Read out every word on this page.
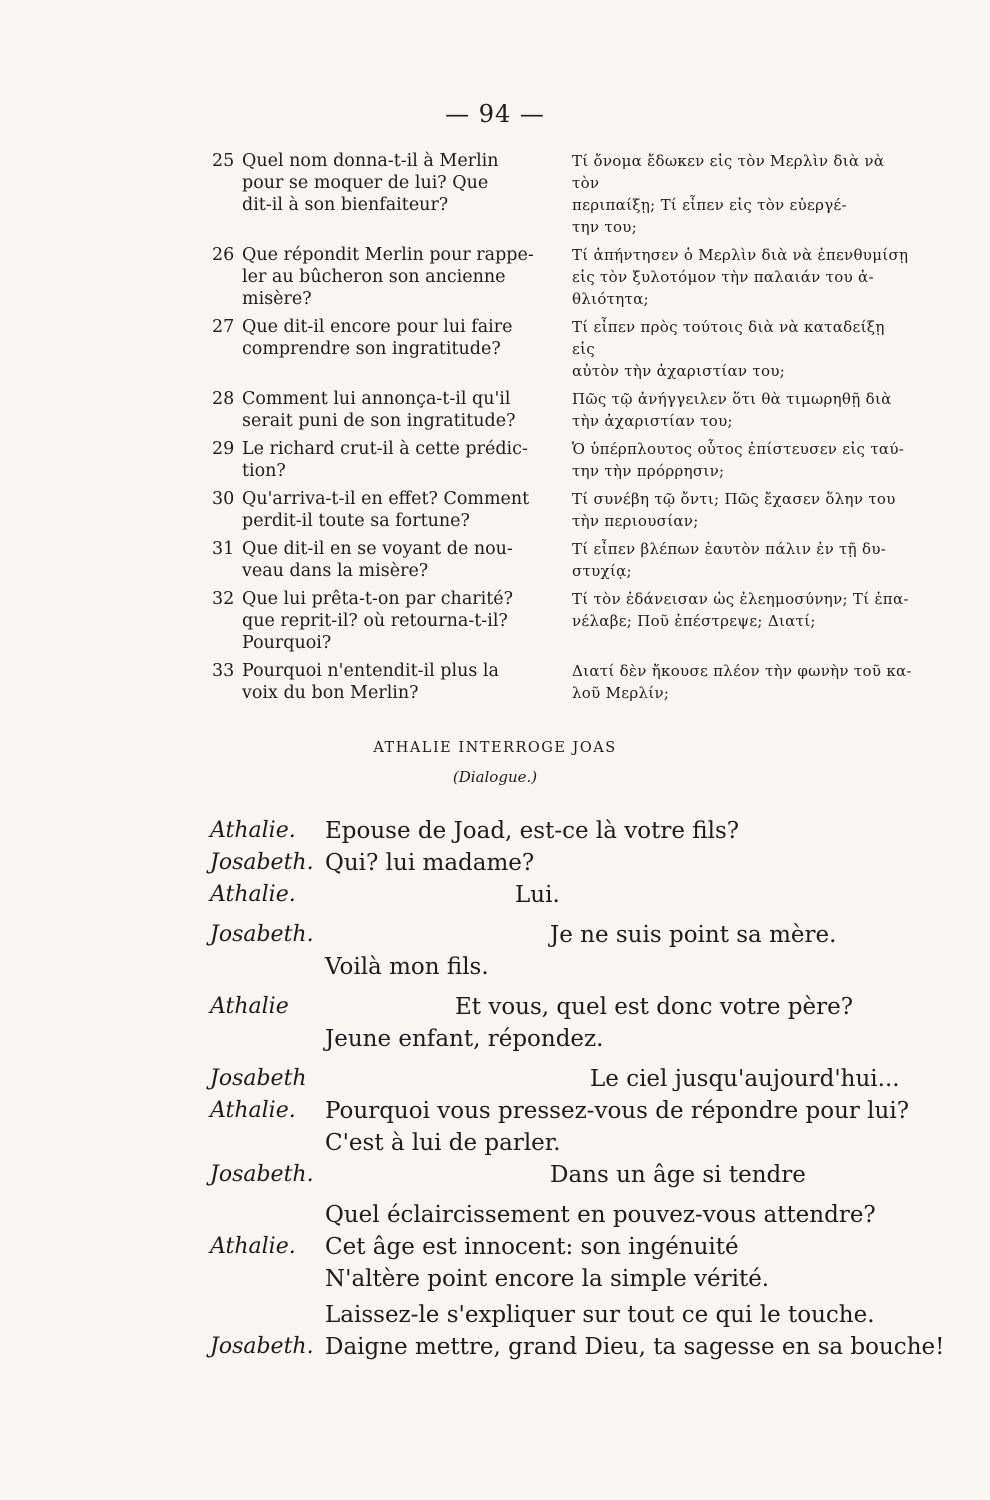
— 94 —
25 Quel nom donna-t-il à Merlin
pour se moquer de lui? Que
dit-il à son bienfaiteur?
Τί ὄνομα ἔδωκεν εἰς τὸν Μερλὶν διὰ νὰ τὸν
περιπαίξῃ; Τί εἶπεν εἰς τὸν εὐεργέ-
την του;
26 Que répondit Merlin pour rappe-
ler au bûcheron son ancienne
misère?
Τί ἀπήντησεν ὁ Μερλὶν διὰ νὰ ἐπενθυμίσῃ
εἰς τὸν ξυλοτόμον τὴν παλαιάν του ἀ-
θλιότητα;
27 Que dit-il encore pour lui faire
comprendre son ingratitude?
Τί εἶπεν πρὸς τούτοις διὰ νὰ καταδείξῃ εἰς
αὐτὸν τὴν ἀχαριστίαν του;
28 Comment lui annonça-t-il qu'il
serait puni de son ingratitude?
Πῶς τῷ ἀνήγγειλεν ὅτι θὰ τιμωρηθῇ διὰ
τὴν ἀχαριστίαν του;
29 Le richard crut-il à cette prédic-
tion?
Ὁ ὑπέρπλουτος οὗτος ἐπίστευσεν εἰς ταύ-
την τὴν πρόρρησιν;
30 Qu'arriva-t-il en effet? Comment
perdit-il toute sa fortune?
Τί συνέβη τῷ ὄντι; Πῶς ἔχασεν ὅλην του
τὴν περιουσίαν;
31 Que dit-il en se voyant de nou-
veau dans la misère?
Τί εἶπεν βλέπων ἑαυτὸν πάλιν ἐν τῇ δυ-
στυχίᾳ;
32 Que lui prêta-t-on par charité?
que reprit-il? où retourna-t-il?
Pourquoi?
Τί τὸν ἐδάνεισαν ὡς ἐλεημοσύνην; Τί ἐπα-
νέλαβε; Ποῦ ἐπέστρεψε; Διατί;
33 Pourquoi n'entendit-il plus la
voix du bon Merlin?
Διατί δὲν ἤκουσε πλέον τὴν φωνὴν τοῦ κα-
λοῦ Μερλίν;
ATHALIE INTERROGE JOAS
(Dialogue.)
Athalie. Epouse de Joad, est-ce là votre fils?
Josabeth. Qui? lui madame?
Athalie.	Lui.
Josabeth.	Je ne suis point sa mère.
Voilà mon fils.
Athalie	Et vous, quel est donc votre père?
Jeune enfant, répondez.
Josabeth	Le ciel jusqu'aujourd'hui...
Athalie. Pourquoi vous pressez-vous de répondre pour lui?
C'est à lui de parler.
Josabeth.	Dans un âge si tendre
Quel éclaircissement en pouvez-vous attendre?
Athalie. Cet âge est innocent: son ingénuité
N'altère point encore la simple vérité.
Laissez-le s'expliquer sur tout ce qui le touche.
Josabeth. Daigne mettre, grand Dieu, ta sagesse en sa bouche!
